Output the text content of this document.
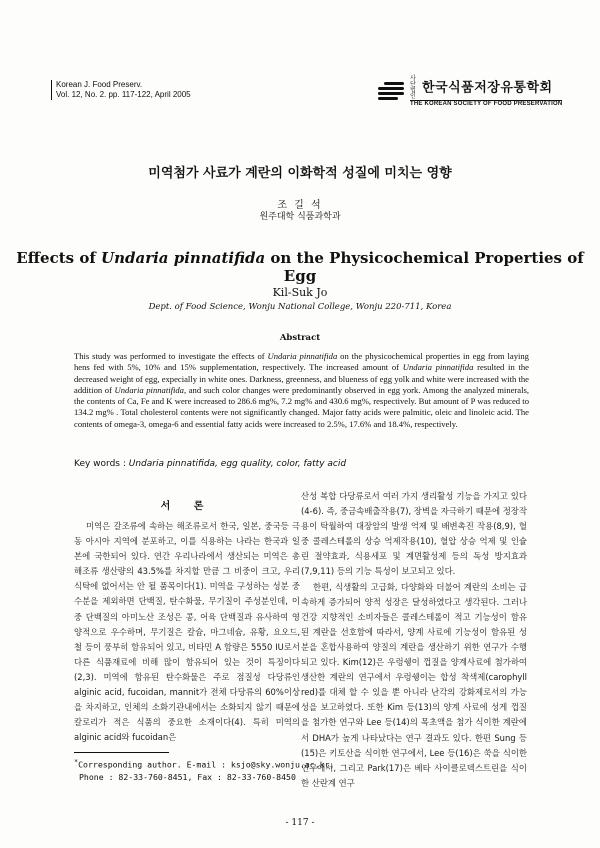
Korean J. Food Preserv.
Vol. 12, No. 2. pp. 117-122, April 2005
사단 법인한국식품저장유통학회
THE KOREAN SOCIETY OF FOOD PRESERVATION
미역첨가 사료가 계란의 이화학적 성질에 미치는 영향
조 길 석
원주대학 식품과학과
Effects of Undaria pinnatifida on the Physicochemical Properties of Egg
Kil-Suk Jo
Dept. of Food Science, Wonju National College, Wonju 220-711, Korea
Abstract
This study was performed to investigate the effects of Undaria pinnatifida on the physicochemical properties in egg from laying hens fed with 5%, 10% and 15% supplementation, respectively. The increased amount of Undaria pinnatifida resulted in the decreased weight of egg, expecially in white ones. Darkness, greenness, and blueness of egg yolk and white were increased with the addition of Undaria pinnatifida, and such color changes were predominantly observed in egg york. Among the analyzed minerals, the contents of Ca, Fe and K were increased to 286.6 mg%, 7.2 mg% and 430.6 mg%, respectively. But amount of P was reduced to 134.2 mg% . Total cholesterol contents were not significantly changed. Major fatty acids were palmitic, oleic and linoleic acid. The contents of omega-3, omega-6 and essential fatty acids were increased to 2.5%, 17.6% and 18.4%, respectively.
Key words : Undaria pinnatifida, egg quality, color, fatty acid
서 론

미역은 갈조류에 속하는 해조류로서 한국, 일본, 중국등 극동 아시아 지역에 분포하고, 이를 식용하는 나라는 한국과 일본에 국한되어 있다. 연간 우리나라에서 생산되는 미역은 총 해조류 생산량의 43.5%를 차지할 만큼 그 비중이 크고, 우리 식탁에 없어서는 안 될 품목이다(1). 미역을 구성하는 성분 중 수분을 제외하면 단백질, 탄수화물, 무기질이 주성분인데, 이 중 단백질의 아미노산 조성은 콩, 어육 단백질과 유사하여 영양적으로 우수하며, 무기질은 칼슘, 마그네슘, 유황, 요오드, 철 등이 풍부히 함유되어 있고, 비타민 A 함량은 5550 IU로서 다른 식품재료에 비해 많이 함유되어 있는 것이 특징이다(2,3). 미역에 함유된 탄수화물은 주로 점질성 다당류인 alginic acid, fucoidan, mannit가 전체 다당류의 60%이상을 차지하고, 인체의 소화기관내에서는 소화되지 않기 때문에 칼로리가 적은 식품의 중요한 소재이다(4). 특히 미역의 alginic acid와 fucoidan은

산성 복합 다당류로서 여러 가지 생리활성 기능을 가지고 있다(4-6). 즉, 중금속배출작용(7), 장벽을 자극하기 때문에 정장작용이 탁월하여 대장암의 발생 억제 및 배변촉진 작용(8,9), 혈 중 콜레스테롤의 상승 억제작용(10), 혈압 상승 억제 및 인슐린 절약효과, 식용세포 및 계면활성제 등의 독성 방지효과(7,9,11) 등의 기능 특성이 보고되고 있다.

한편, 식생활의 고급화, 다양화와 더불어 계란의 소비는 급속하게 증가되어 양적 성장은 달성하였다고 생각된다. 그러나 건강 지향적인 소비자들은 콜레스테롤이 적고 기능성이 함유된 계란을 선호함에 따라서, 양계 사료에 기능성이 함유된 성분을 혼합사용하여 양질의 계란을 생산하기 위한 연구가 수행되고 있다. Kim(12)은 우렁쉥이 껍질을 양계사료에 첨가하여 생산한 계란의 연구에서 우렁쉥이는 합성 착색제(carophyll red)를 대체 할 수 있을 뿐 아니라 난각의 강화제로서의 가능성을 보고하였다. 또한 Kim 등(13)의 양계 사료에 성게 껍질을 첨가한 연구와 Lee 등(14)의 목초액을 첨가 식이한 계란에서 DHA가 높게 나타났다는 연구 결과도 있다. 한편 Sung 등(15)은 키토산을 식이한 연구에서, Lee 등(16)은 쑥을 식이한 연구에서, 그리고 Park(17)은 베타 사이클로덱스트린을 식이한 산란계 연구

*Corresponding author. E-mail : ksjo@sky.wonju.ac.kr,
Phone : 82-33-760-8451, Fax : 82-33-760-8450
- 117 -
